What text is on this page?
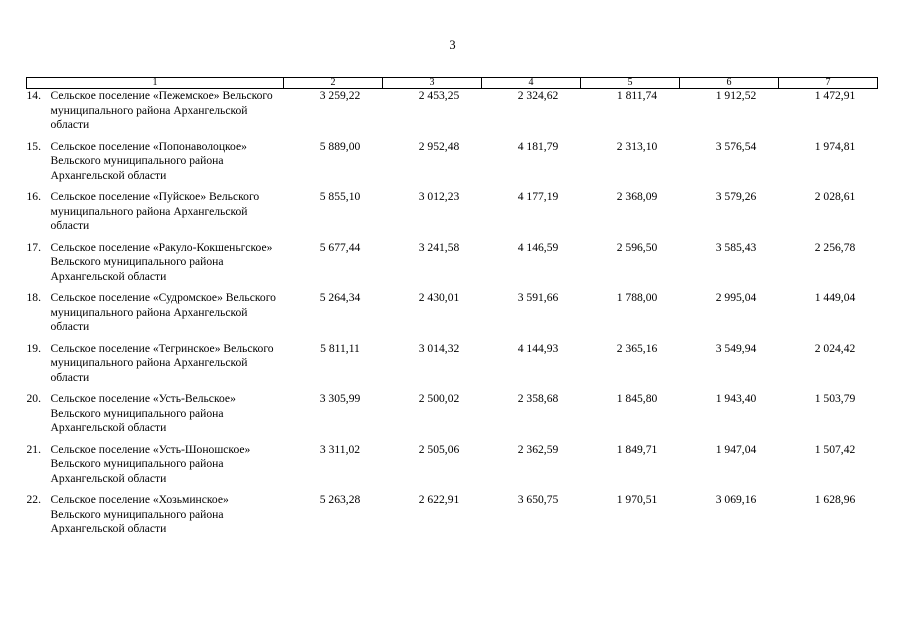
3
1	2	3	4	5	6	7

14. Сельское поселение «Пежемское» Вельского муниципального района Архангельской области	3 259,22	2 453,25	2 324,62	1 811,74	1 912,52	1 472,91

15. Сельское поселение «Попонаволоцкое» Вельского муниципального района Архангельской области	5 889,00	2 952,48	4 181,79	2 313,10	3 576,54	1 974,81

16. Сельское поселение «Пуйское» Вельского муниципального района Архангельской области	5 855,10	3 012,23	4 177,19	2 368,09	3 579,26	2 028,61

17. Сельское поселение «Ракуло-Кокшеньгское» Вельского муниципального района Архангельской области	5 677,44	3 241,58	4 146,59	2 596,50	3 585,43	2 256,78

18. Сельское поселение «Судромское» Вельского муниципального района Архангельской области	5 264,34	2 430,01	3 591,66	1 788,00	2 995,04	1 449,04

19. Сельское поселение «Тегринское» Вельского муниципального района Архангельской области	5 811,11	3 014,32	4 144,93	2 365,16	3 549,94	2 024,42

20. Сельское поселение «Усть-Вельское» Вельского муниципального района Архангельской области	3 305,99	2 500,02	2 358,68	1 845,80	1 943,40	1 503,79

21. Сельское поселение «Усть-Шоношское» Вельского муниципального района Архангельской области	3 311,02	2 505,06	2 362,59	1 849,71	1 947,04	1 507,42

22. Сельское поселение «Хозьминское» Вельского муниципального района Архангельской области	5 263,28	2 622,91	3 650,75	1 970,51	3 069,16	1 628,96
